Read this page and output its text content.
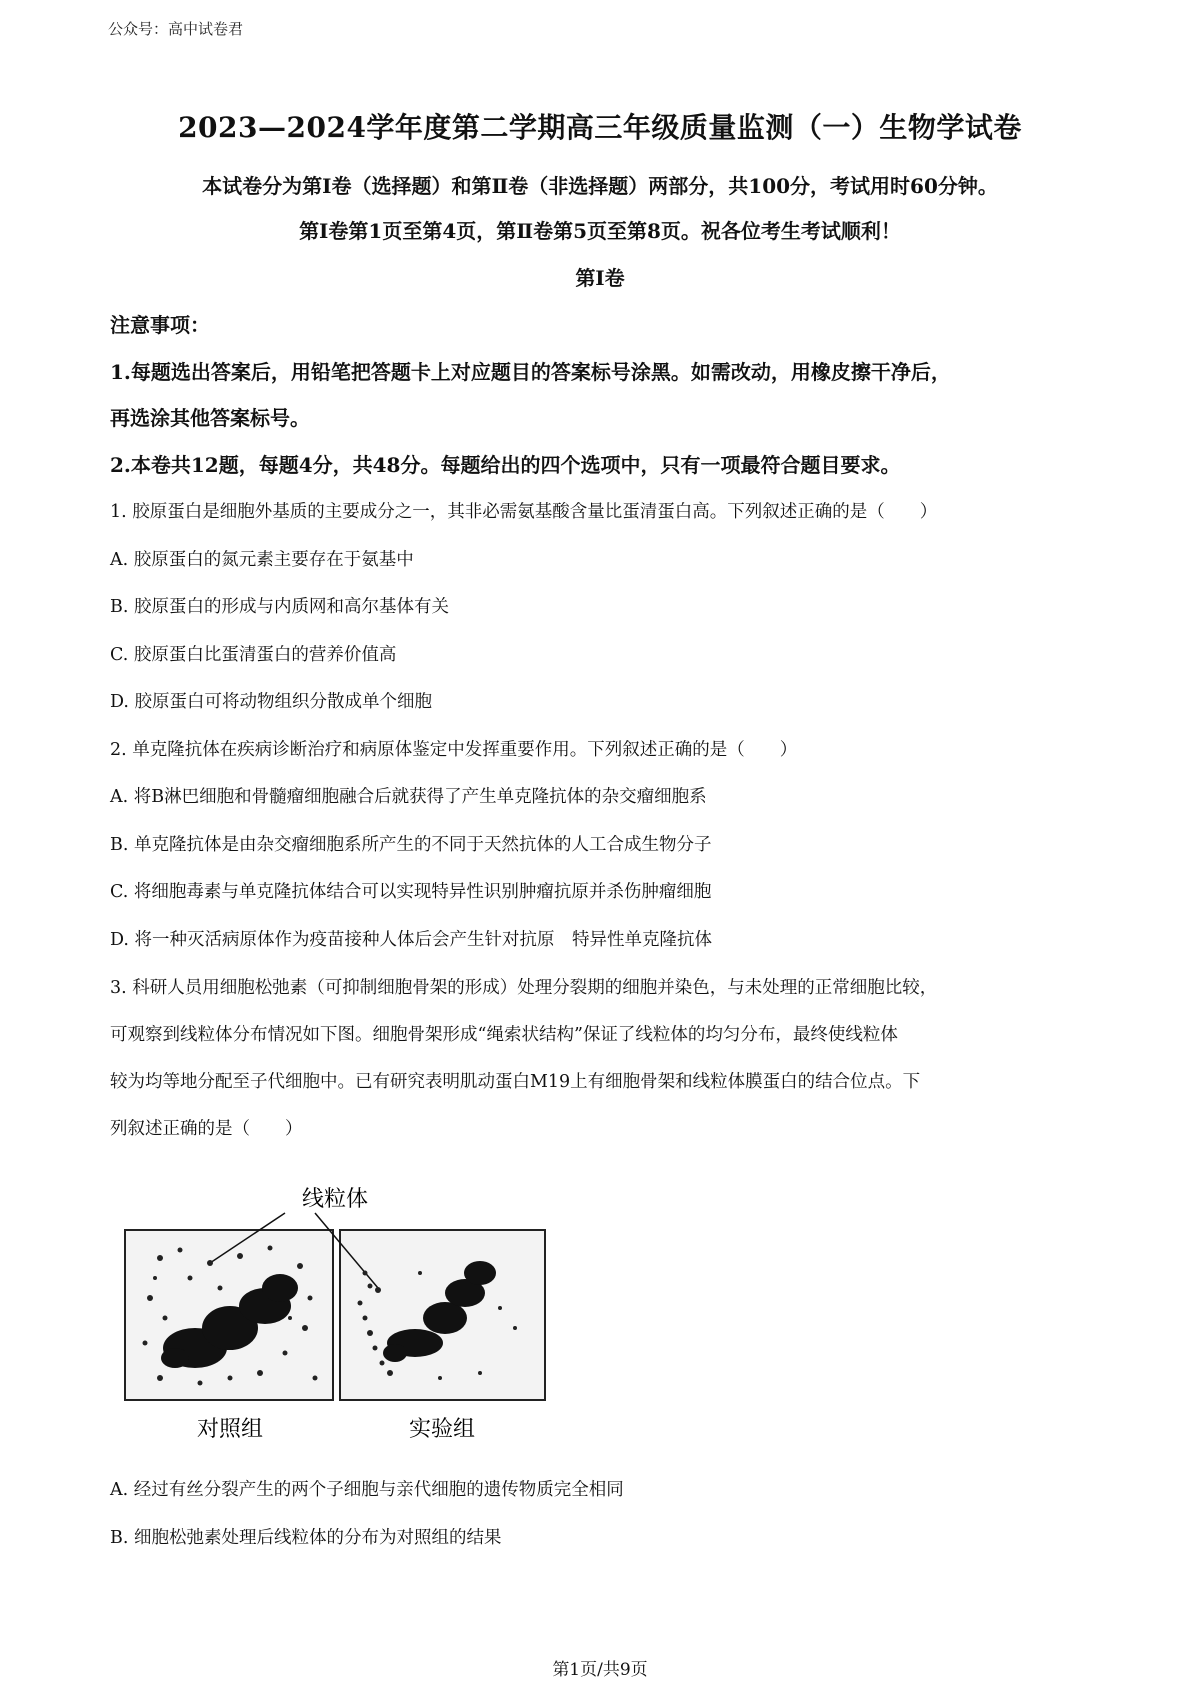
公众号：高中试卷君
2023—2024学年度第二学期高三年级质量监测（一）生物学试卷
本试卷分为第Ⅰ卷（选择题）和第Ⅱ卷（非选择题）两部分，共100分，考试用时60分钟。
第Ⅰ卷第1页至第4页，第Ⅱ卷第5页至第8页。祝各位考生考试顺利！
第Ⅰ卷
注意事项：
1.每题选出答案后，用铅笔把答题卡上对应题目的答案标号涂黑。如需改动，用橡皮擦干净后，
再选涂其他答案标号。
2.本卷共12题，每题4分，共48分。每题给出的四个选项中，只有一项最符合题目要求。
1. 胶原蛋白是细胞外基质的主要成分之一，其非必需氨基酸含量比蛋清蛋白高。下列叙述正确的是（　　）
A. 胶原蛋白的氮元素主要存在于氨基中
B. 胶原蛋白的形成与内质网和高尔基体有关
C. 胶原蛋白比蛋清蛋白的营养价值高
D. 胶原蛋白可将动物组织分散成单个细胞
2. 单克隆抗体在疾病诊断治疗和病原体鉴定中发挥重要作用。下列叙述正确的是（　　）
A. 将B淋巴细胞和骨髓瘤细胞融合后就获得了产生单克隆抗体的杂交瘤细胞系
B. 单克隆抗体是由杂交瘤细胞系所产生的不同于天然抗体的人工合成生物分子
C. 将细胞毒素与单克隆抗体结合可以实现特异性识别肿瘤抗原并杀伤肿瘤细胞
D. 将一种灭活病原体作为疫苗接种人体后会产生针对抗原　特异性单克隆抗体
3. 科研人员用细胞松弛素（可抑制细胞骨架的形成）处理分裂期的细胞并染色，与未处理的正常细胞比较，
可观察到线粒体分布情况如下图。细胞骨架形成“绳索状结构”保证了线粒体的均匀分布，最终使线粒体
较为均等地分配至子代细胞中。已有研究表明肌动蛋白M19上有细胞骨架和线粒体膜蛋白的结合位点。下
列叙述正确的是（　　）
线粒体
对照组	实验组
A. 经过有丝分裂产生的两个子细胞与亲代细胞的遗传物质完全相同
B. 细胞松弛素处理后线粒体的分布为对照组的结果
第1页/共9页
